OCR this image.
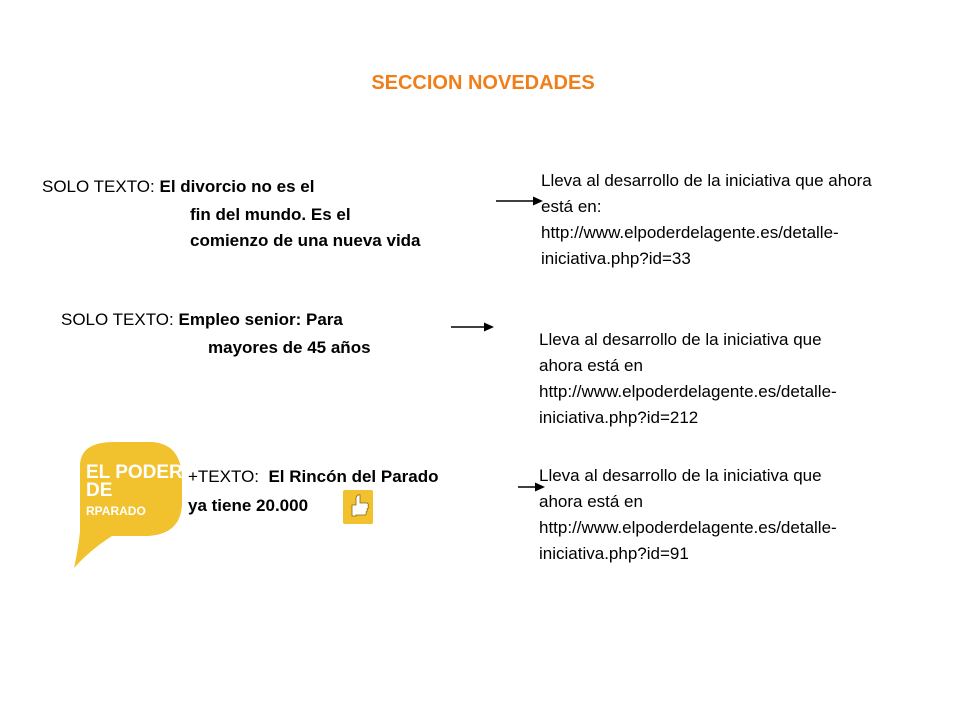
SECCION NOVEDADES
SOLO TEXTO: El divorcio no es el
fin del mundo. Es el
comienzo de una nueva vida
Lleva al desarrollo de la iniciativa que ahora
está en:
http://www.elpoderdelagente.es/detalle-
iniciativa.php?id=33
SOLO TEXTO: Empleo senior: Para
mayores de 45 años	Lleva al desarrollo de la iniciativa que
ahora está en
http://www.elpoderdelagente.es/detalle-
iniciativa.php?id=212
EL PODER
DE
RPARADO
+TEXTO: El Rincón del Parado
ya tiene 20.000
Lleva al desarrollo de la iniciativa que
ahora está en
http://www.elpoderdelagente.es/detalle-
iniciativa.php?id=91
